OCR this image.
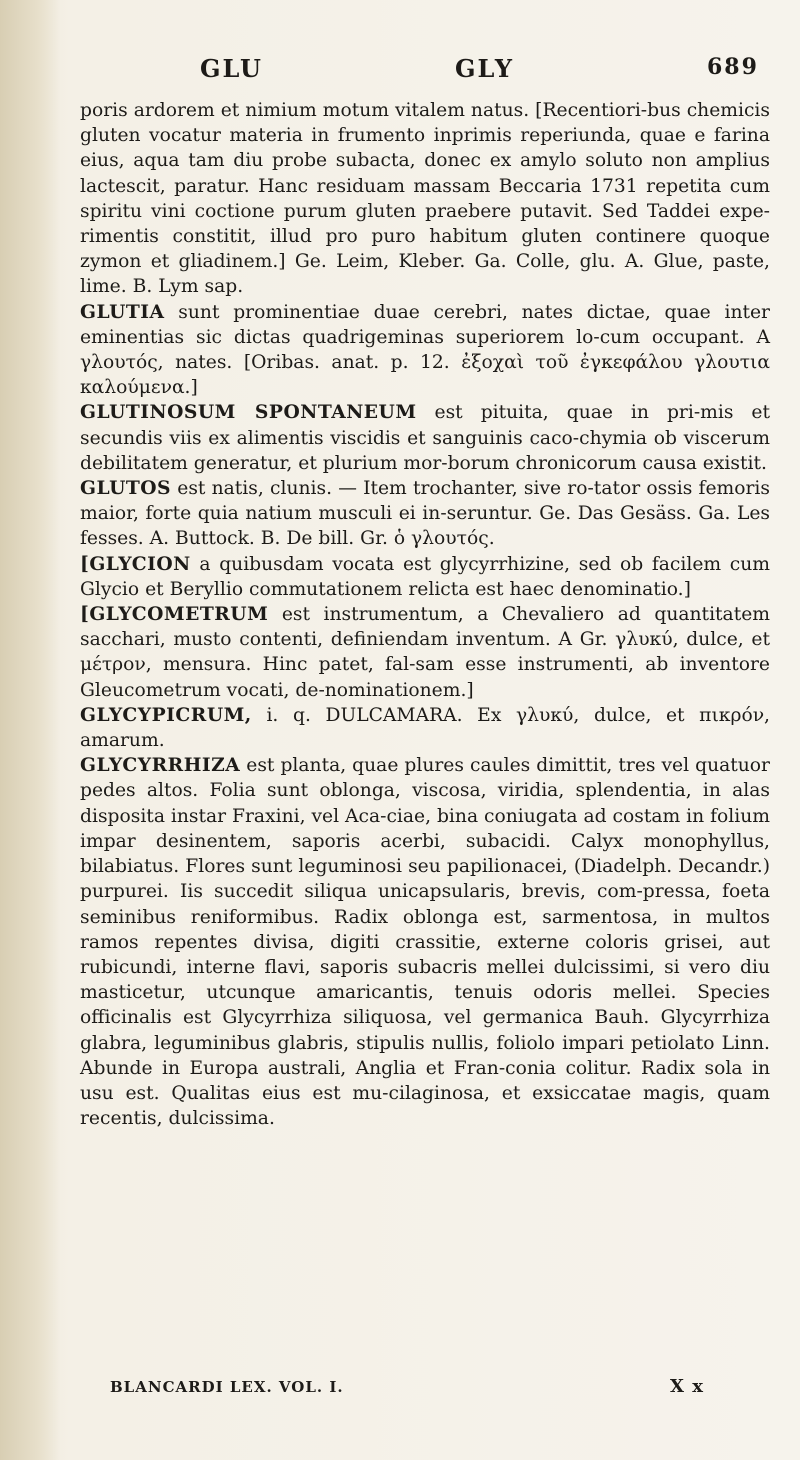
GLU	GLY	689

poris ardorem et nimium motum vitalem natus. [Recentiori-bus chemicis gluten vocatur materia in frumento inprimis reperiunda, quae e farina eius, aqua tam diu probe subacta, donec ex amylo soluto non amplius lactescit, paratur. Hanc residuam massam Beccaria 1731 repetita cum spiritu vini coctione purum gluten praebere putavit. Sed Taddei expe-rimentis constitit, illud pro puro habitum gluten continere quoque zymon et gliadinem.] Ge. Leim, Kleber. Ga. Colle, glu. A. Glue, paste, lime. B. Lym sap.

GLUTIA sunt prominentiae duae cerebri, nates dictae, quae inter eminentias sic dictas quadrigeminas superiorem lo-cum occupant. A γλουτός, nates. [Oribas. anat. p. 12. ἐξοχαὶ τοῦ ἐγκεφάλου γλουτια καλούμενα.]

GLUTINOSUM SPONTANEUM est pituita, quae in pri-mis et secundis viis ex alimentis viscidis et sanguinis caco-chymia ob viscerum debilitatem generatur, et plurium mor-borum chronicorum causa existit.

GLUTOS est natis, clunis. — Item trochanter, sive ro-tator ossis femoris maior, forte quia natium musculi ei in-seruntur. Ge. Das Gesäss. Ga. Les fesses. A. Buttock. B. De bill. Gr. ὁ γλουτός.

[GLYCION a quibusdam vocata est glycyrrhizine, sed ob facilem cum Glycio et Beryllio commutationem relicta est haec denominatio.]

[GLYCOMETRUM est instrumentum, a Chevaliero ad quantitatem sacchari, musto contenti, definiendam inventum. A Gr. γλυκύ, dulce, et μέτρον, mensura. Hinc patet, fal-sam esse instrumenti, ab inventore Gleucometrum vocati, de-nominationem.]

GLYCYPICRUM, i. q. DULCAMARA. Ex γλυκύ, dulce, et πικρόν, amarum.

GLYCYRRHIZA est planta, quae plures caules dimittit, tres vel quatuor pedes altos. Folia sunt oblonga, viscosa, viridia, splendentia, in alas disposita instar Fraxini, vel Aca-ciae, bina coniugata ad costam in folium impar desinentem, saporis acerbi, subacidi. Calyx monophyllus, bilabiatus. Flores sunt leguminosi seu papilionacei, (Diadelph. Decandr.) purpurei. Iis succedit siliqua unicapsularis, brevis, com-pressa, foeta seminibus reniformibus. Radix oblonga est, sarmentosa, in multos ramos repentes divisa, digiti crassitie, externe coloris grisei, aut rubicundi, interne flavi, saporis subacris mellei dulcissimi, si vero diu masticetur, utcunque amaricantis, tenuis odoris mellei. Species officinalis est Glycyrrhiza siliquosa, vel germanica Bauh. Glycyrrhiza glabra, leguminibus glabris, stipulis nullis, foliolo impari petiolato Linn. Abunde in Europa australi, Anglia et Fran-conia colitur. Radix sola in usu est. Qualitas eius est mu-cilaginosa, et exsiccatae magis, quam recentis, dulcissima.

BLANCARDI LEX. VOL. I.	X x
